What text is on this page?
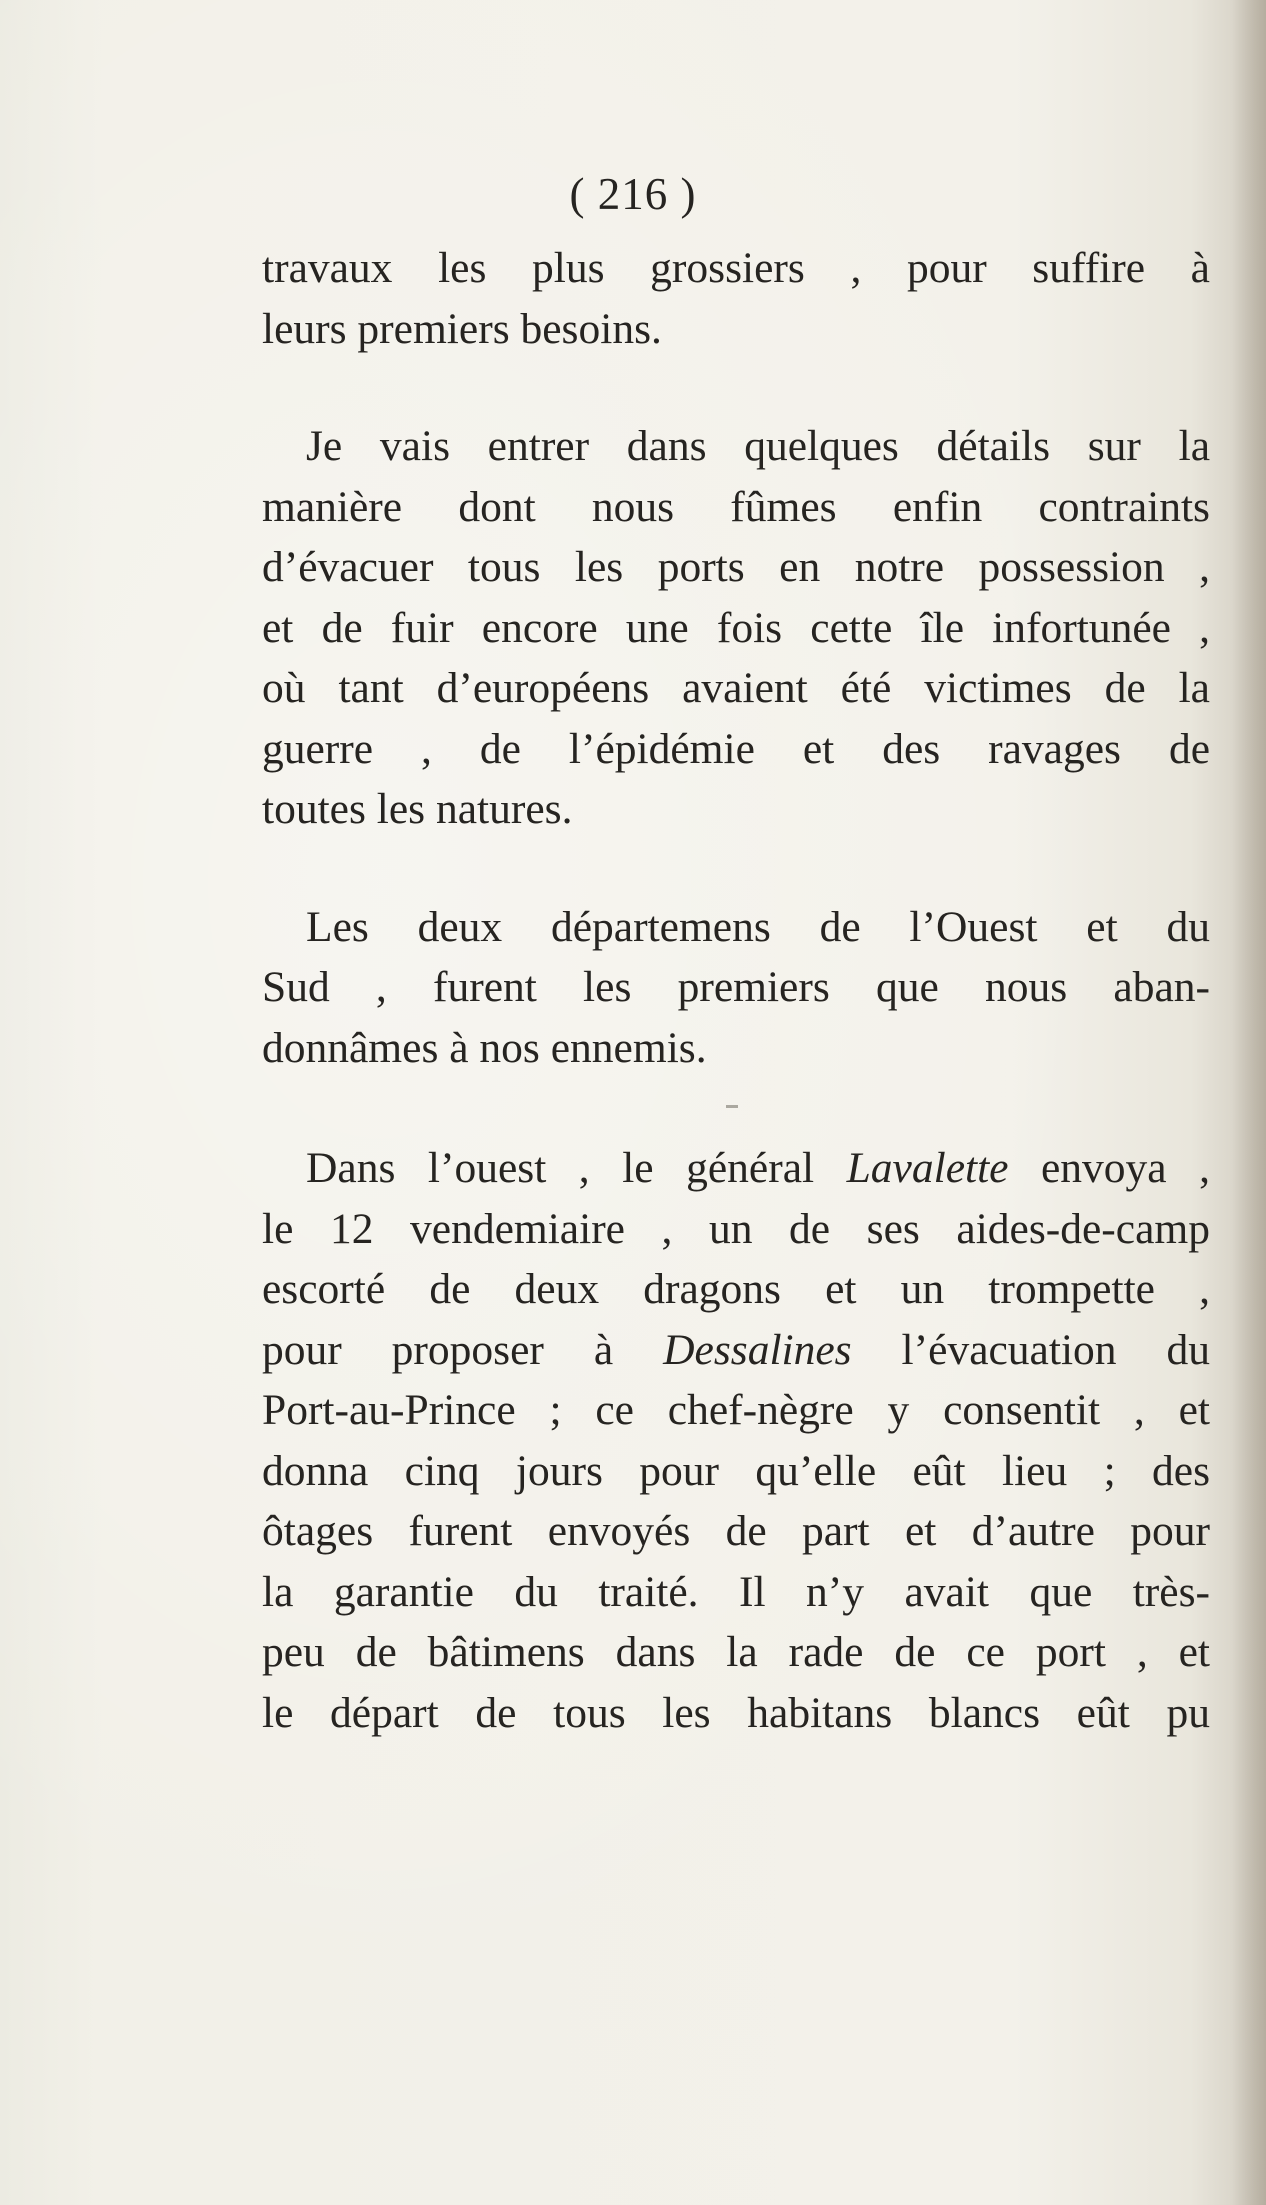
( 216 )
travaux les plus grossiers , pour suffire à
leurs premiers besoins.
Je vais entrer dans quelques détails sur la
manière dont nous fûmes enfin contraints
d’évacuer tous les ports en notre possession ,
et de fuir encore une fois cette île infortunée ,
où tant d’européens avaient été victimes de la
guerre , de l’épidémie et des ravages de
toutes les natures.
Les deux départemens de l’Ouest et du
Sud , furent les premiers que nous aban-
donnâmes à nos ennemis.
Dans l’ouest , le général Lavalette envoya ,
le 12 vendemiaire , un de ses aides-de-camp
escorté de deux dragons et un trompette ,
pour proposer à Dessalines l’évacuation du
Port-au-Prince ; ce chef-nègre y consentit , et
donna cinq jours pour qu’elle eût lieu ; des
ôtages furent envoyés de part et d’autre pour
la garantie du traité. Il n’y avait que très-
peu de bâtimens dans la rade de ce port , et
le départ de tous les habitans blancs eût pu
